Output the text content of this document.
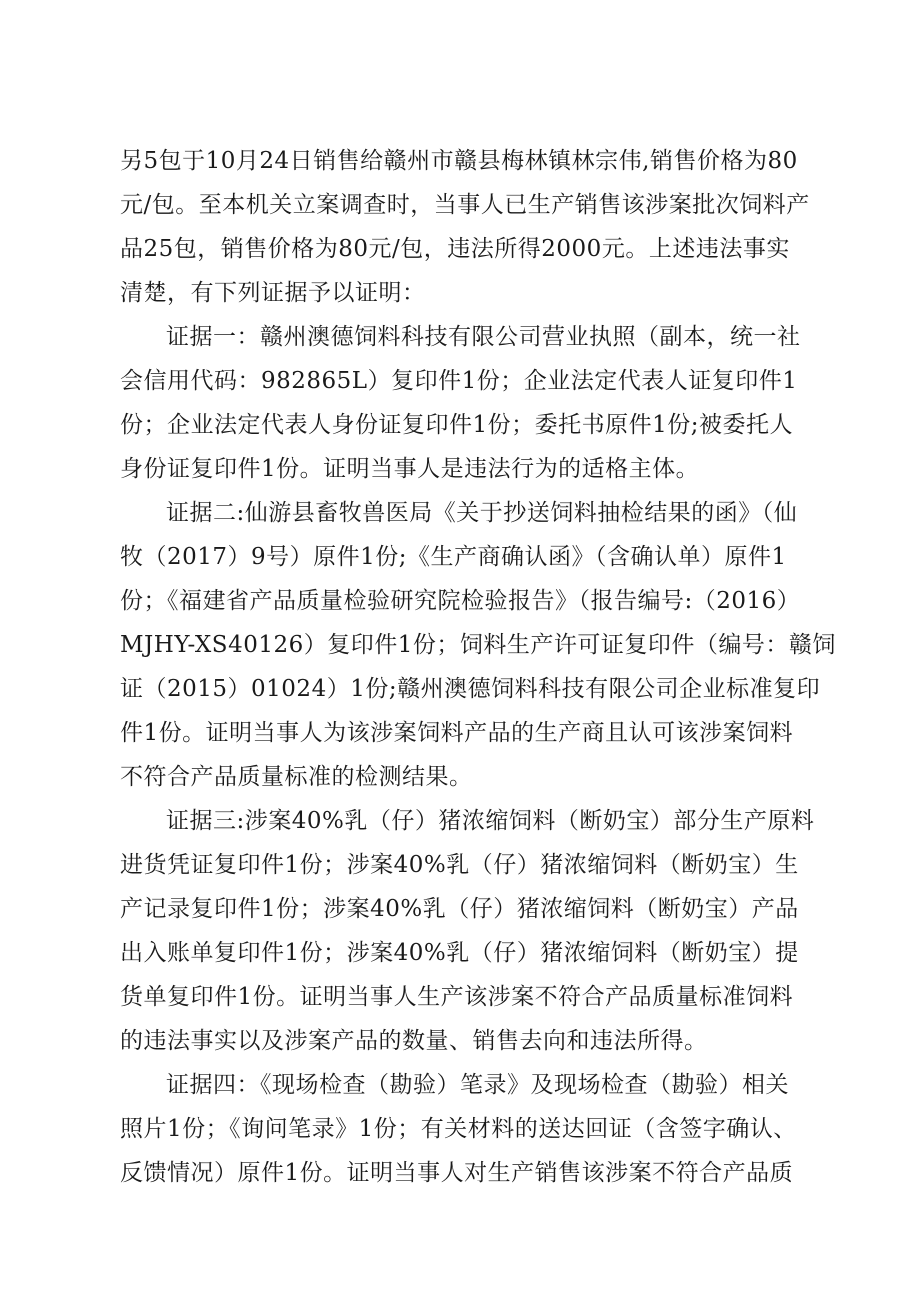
另5包于10月24日销售给赣州市赣县梅林镇林宗伟,销售价格为80
元/包。至本机关立案调查时，当事人已生产销售该涉案批次饲料产
品25包，销售价格为80元/包，违法所得2000元。上述违法事实
清楚，有下列证据予以证明：
证据一：赣州澳德饲料科技有限公司营业执照（副本，统一社
会信用代码：982865L）复印件1份；企业法定代表人证复印件1
份；企业法定代表人身份证复印件1份；委托书原件1份;被委托人
身份证复印件1份。证明当事人是违法行为的适格主体。
证据二:仙游县畜牧兽医局《关于抄送饲料抽检结果的函》（仙
牧（2017）9号）原件1份;《生产商确认函》（含确认单）原件1
份；《福建省产品质量检验研究院检验报告》（报告编号:（2016）
MJHY-XS40126）复印件1份；饲料生产许可证复印件（编号：赣饲
证（2015）01024）1份;赣州澳德饲料科技有限公司企业标准复印
件1份。证明当事人为该涉案饲料产品的生产商且认可该涉案饲料
不符合产品质量标准的检测结果。
证据三:涉案40%乳（仔）猪浓缩饲料（断奶宝）部分生产原料
进货凭证复印件1份；涉案40%乳（仔）猪浓缩饲料（断奶宝）生
产记录复印件1份；涉案40%乳（仔）猪浓缩饲料（断奶宝）产品
出入账单复印件1份；涉案40%乳（仔）猪浓缩饲料（断奶宝）提
货单复印件1份。证明当事人生产该涉案不符合产品质量标准饲料
的违法事实以及涉案产品的数量、销售去向和违法所得。
证据四：《现场检查（勘验）笔录》及现场检查（勘验）相关
照片1份；《询问笔录》1份；有关材料的送达回证（含签字确认、
反馈情况）原件1份。证明当事人对生产销售该涉案不符合产品质
